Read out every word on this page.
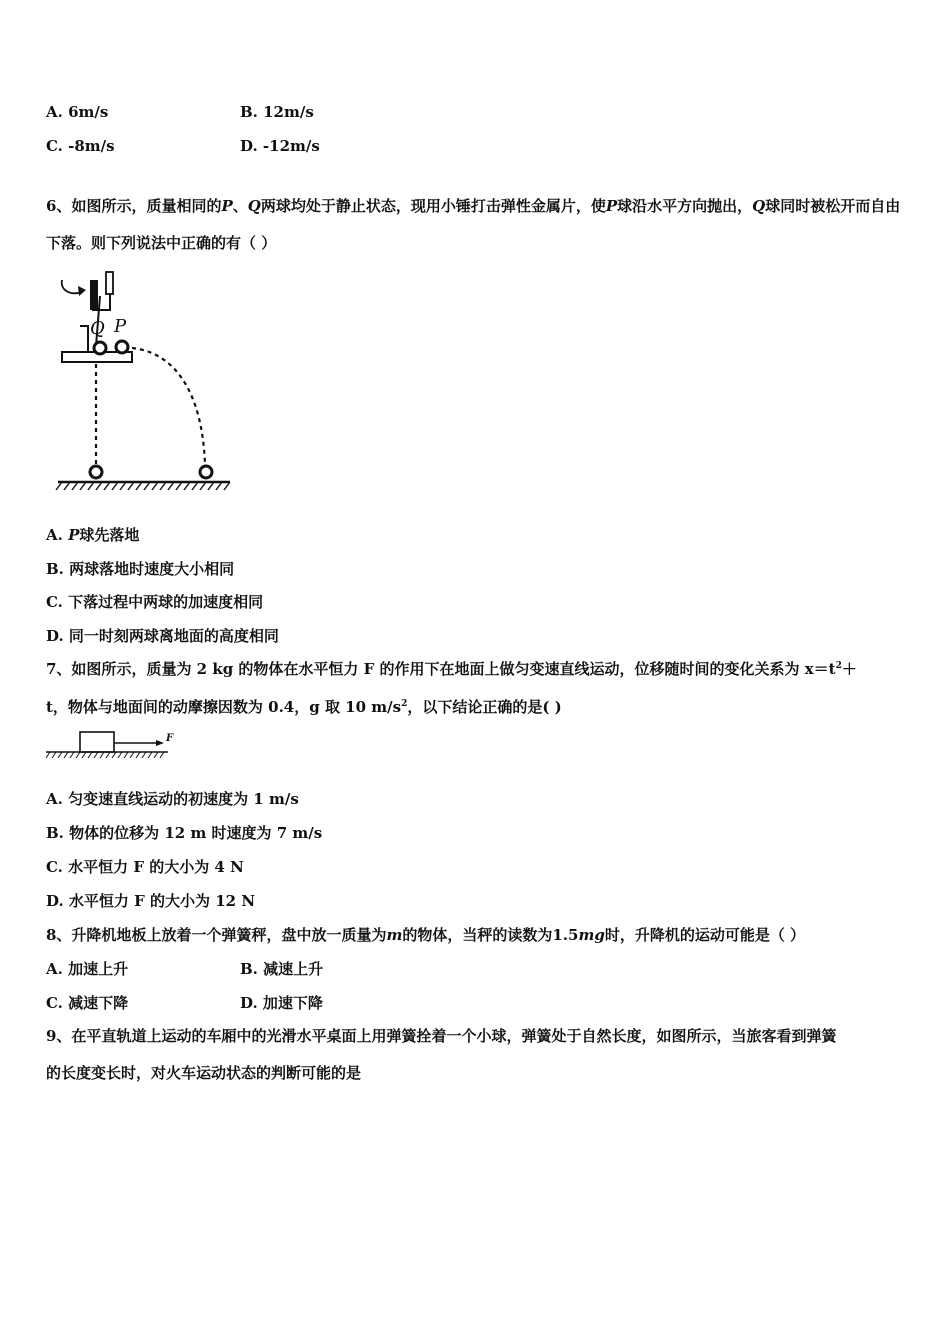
A. 6m/s	B. 12m/s
C. -8m/s	D. -12m/s
6、如图所示，质量相同的P、Q两球均处于静止状态，现用小锤打击弹性金属片，使P球沿水平方向抛出，Q球同时被松开而自由下落。则下列说法中正确的有（ ）
Q P
A. P球先落地
B. 两球落地时速度大小相同
C. 下落过程中两球的加速度相同
D. 同一时刻两球离地面的高度相同
7、如图所示，质量为 2 kg 的物体在水平恒力 F 的作用下在地面上做匀变速直线运动，位移随时间的变化关系为 $x=t^2+$
t，物体与地面间的动摩擦因数为 0.4，g 取 10 $m/s^2$，以下结论正确的是( )
F
A. 匀变速直线运动的初速度为 1 m/s
B. 物体的位移为 12 m 时速度为 7 m/s
C. 水平恒力 F 的大小为 4 N
D. 水平恒力 F 的大小为 12 N
8、升降机地板上放着一个弹簧秤，盘中放一质量为m的物体，当秤的读数为1.5mg时，升降机的运动可能是（ ）
A. 加速上升	B. 减速上升
C. 减速下降	D. 加速下降
9、在平直轨道上运动的车厢中的光滑水平桌面上用弹簧拴着一个小球，弹簧处于自然长度，如图所示，当旅客看到弹簧
的长度变长时，对火车运动状态的判断可能的是
